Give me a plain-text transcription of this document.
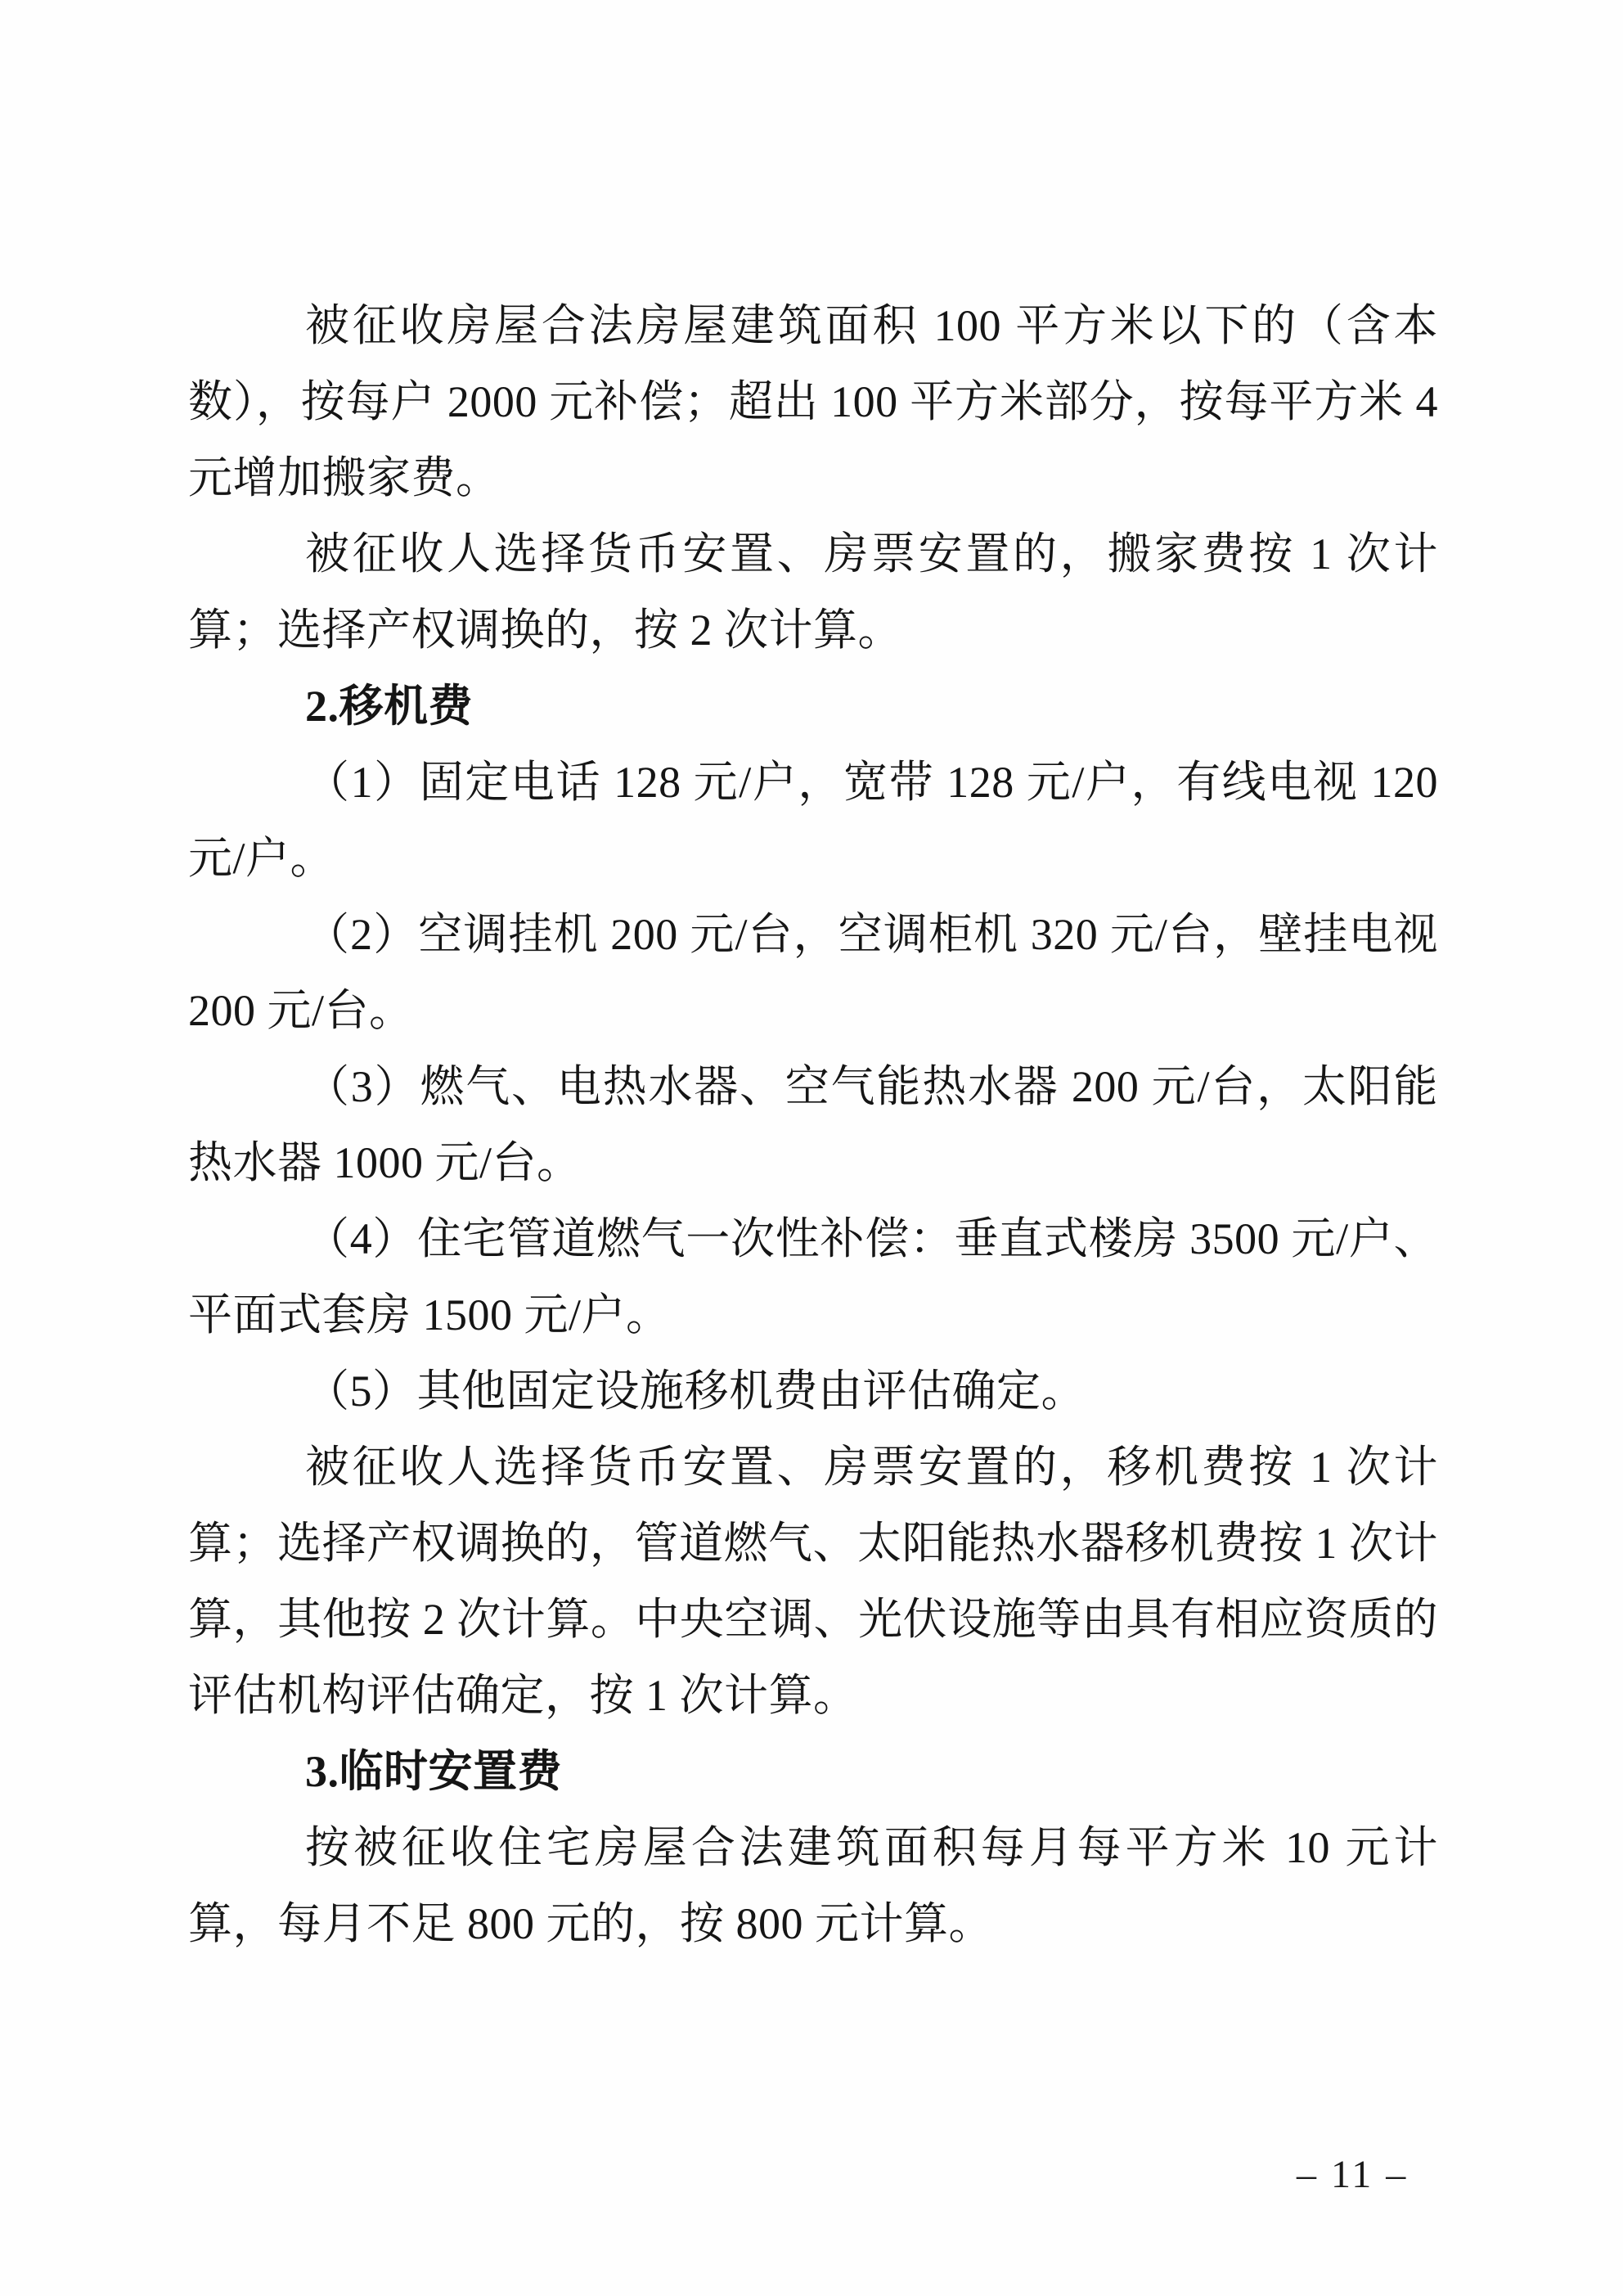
被征收房屋合法房屋建筑面积 100 平方米以下的（含本数），按每户 2000 元补偿；超出 100 平方米部分，按每平方米 4 元增加搬家费。

被征收人选择货币安置、房票安置的，搬家费按 1 次计算；选择产权调换的，按 2 次计算。

2.移机费

（1）固定电话 128 元/户，宽带 128 元/户，有线电视 120 元/户。

（2）空调挂机 200 元/台，空调柜机 320 元/台，壁挂电视 200 元/台。

（3）燃气、电热水器、空气能热水器 200 元/台，太阳能热水器 1000 元/台。

（4）住宅管道燃气一次性补偿：垂直式楼房 3500 元/户、平面式套房 1500 元/户。

（5）其他固定设施移机费由评估确定。

被征收人选择货币安置、房票安置的，移机费按 1 次计算；选择产权调换的，管道燃气、太阳能热水器移机费按 1 次计算，其他按 2 次计算。中央空调、光伏设施等由具有相应资质的评估机构评估确定，按 1 次计算。

3.临时安置费

按被征收住宅房屋合法建筑面积每月每平方米 10 元计算，每月不足 800 元的，按 800 元计算。

– 11 –
